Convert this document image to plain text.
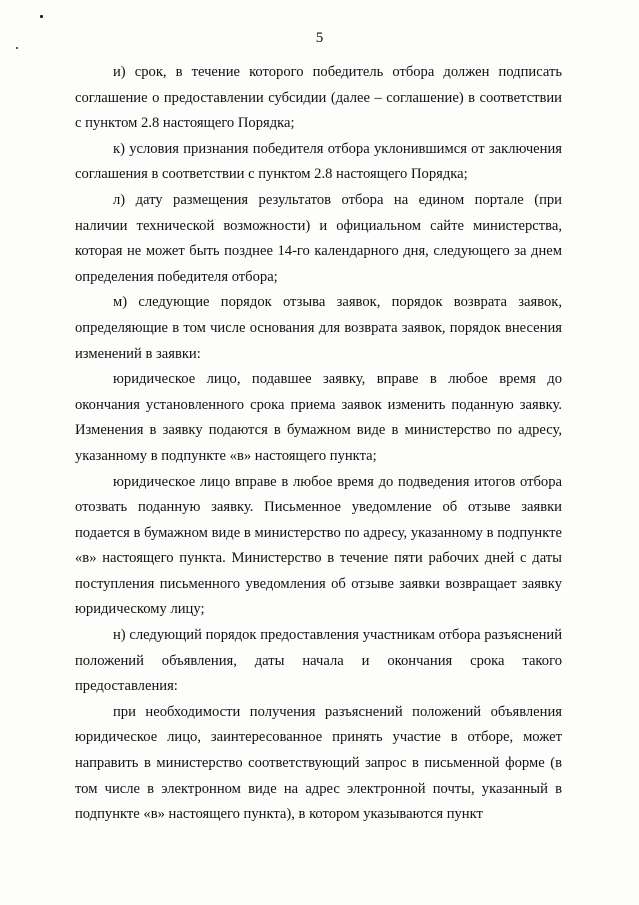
5

и) срок, в течение которого победитель отбора должен подписать соглашение о предоставлении субсидии (далее – соглашение) в соответствии с пунктом 2.8 настоящего Порядка;

к) условия признания победителя отбора уклонившимся от заключения соглашения в соответствии с пунктом 2.8 настоящего Порядка;

л) дату размещения результатов отбора на едином портале (при наличии технической возможности) и официальном сайте министерства, которая не может быть позднее 14-го календарного дня, следующего за днем определения победителя отбора;

м) следующие порядок отзыва заявок, порядок возврата заявок, определяющие в том числе основания для возврата заявок, порядок внесения изменений в заявки:

юридическое лицо, подавшее заявку, вправе в любое время до окончания установленного срока приема заявок изменить поданную заявку. Изменения в заявку подаются в бумажном виде в министерство по адресу, указанному в подпункте «в» настоящего пункта;

юридическое лицо вправе в любое время до подведения итогов отбора отозвать поданную заявку. Письменное уведомление об отзыве заявки подается в бумажном виде в министерство по адресу, указанному в подпункте «в» настоящего пункта. Министерство в течение пяти рабочих дней с даты поступления письменного уведомления об отзыве заявки возвращает заявку юридическому лицу;

н) следующий порядок предоставления участникам отбора разъяснений положений объявления, даты начала и окончания срока такого предоставления:

при необходимости получения разъяснений положений объявления юридическое лицо, заинтересованное принять участие в отборе, может направить в министерство соответствующий запрос в письменной форме (в том числе в электронном виде на адрес электронной почты, указанный в подпункте «в» настоящего пункта), в котором указываются пункт
